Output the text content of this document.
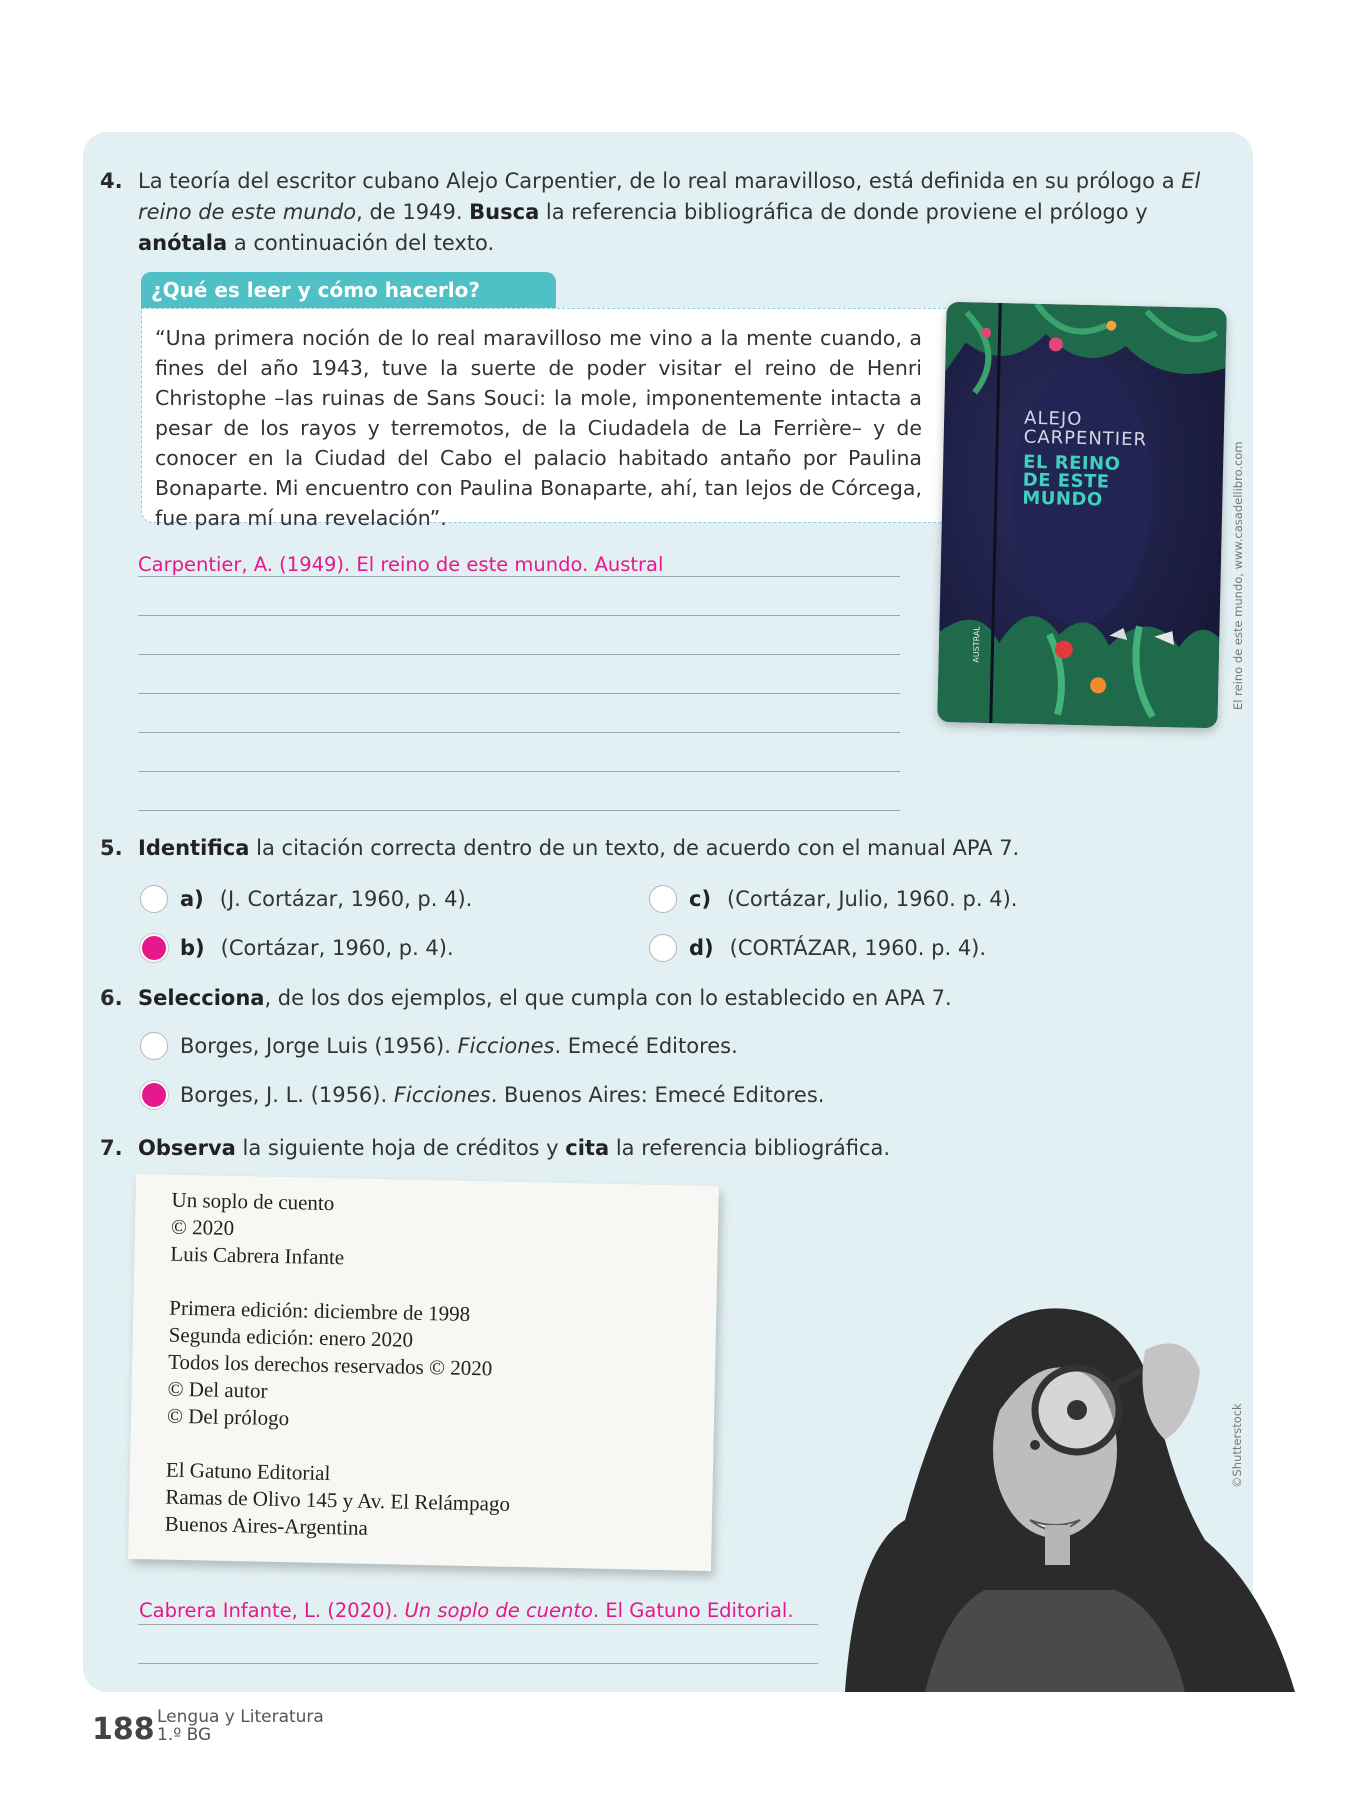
4. La teoría del escritor cubano Alejo Carpentier, de lo real maravilloso, está definida en su prólogo a El reino de este mundo, de 1949. Busca la referencia bibliográfica de donde proviene el prólogo y anótala a continuación del texto.
¿Qué es leer y cómo hacerlo?
“Una primera noción de lo real maravilloso me vino a la mente cuando, a fines del año 1943, tuve la suerte de poder visitar el reino de Henri Christophe –las ruinas de Sans Souci: la mole, imponentemente intacta a pesar de los rayos y terremotos, de la Ciudadela de La Ferrière– y de conocer en la Ciudad del Cabo el palacio habitado antaño por Paulina Bonaparte. Mi encuentro con Paulina Bonaparte, ahí, tan lejos de Córcega, fue para mí una revelación”.
Carpentier, A. (1949). El reino de este mundo. Austral
ALEJO
CARPENTIER
EL REINO
DE ESTE
MUNDO
AUSTRAL	El reino de este mundo, www.casadellibro.com
5. Identifica la citación correcta dentro de un texto, de acuerdo con el manual APA 7.
a) (J. Cortázar, 1960, p. 4).
b) (Cortázar, 1960, p. 4).
c) (Cortázar, Julio, 1960. p. 4).
d) (CORTÁZAR, 1960. p. 4).
6. Selecciona, de los dos ejemplos, el que cumpla con lo establecido en APA 7.
Borges, Jorge Luis (1956). Ficciones. Emecé Editores.
Borges, J. L. (1956). Ficciones. Buenos Aires: Emecé Editores.
7. Observa la siguiente hoja de créditos y cita la referencia bibliográfica.
Un soplo de cuento
© 2020
Luis Cabrera Infante
Primera edición: diciembre de 1998
Segunda edición: enero 2020
Todos los derechos reservados © 2020
© Del autor
© Del prólogo
El Gatuno Editorial
Ramas de Olivo 145 y Av. El Relámpago
Buenos Aires-Argentina
Cabrera Infante, L. (2020). Un soplo de cuento. El Gatuno Editorial.
©Shutterstock
188 Lengua y Literatura
1.º BG
